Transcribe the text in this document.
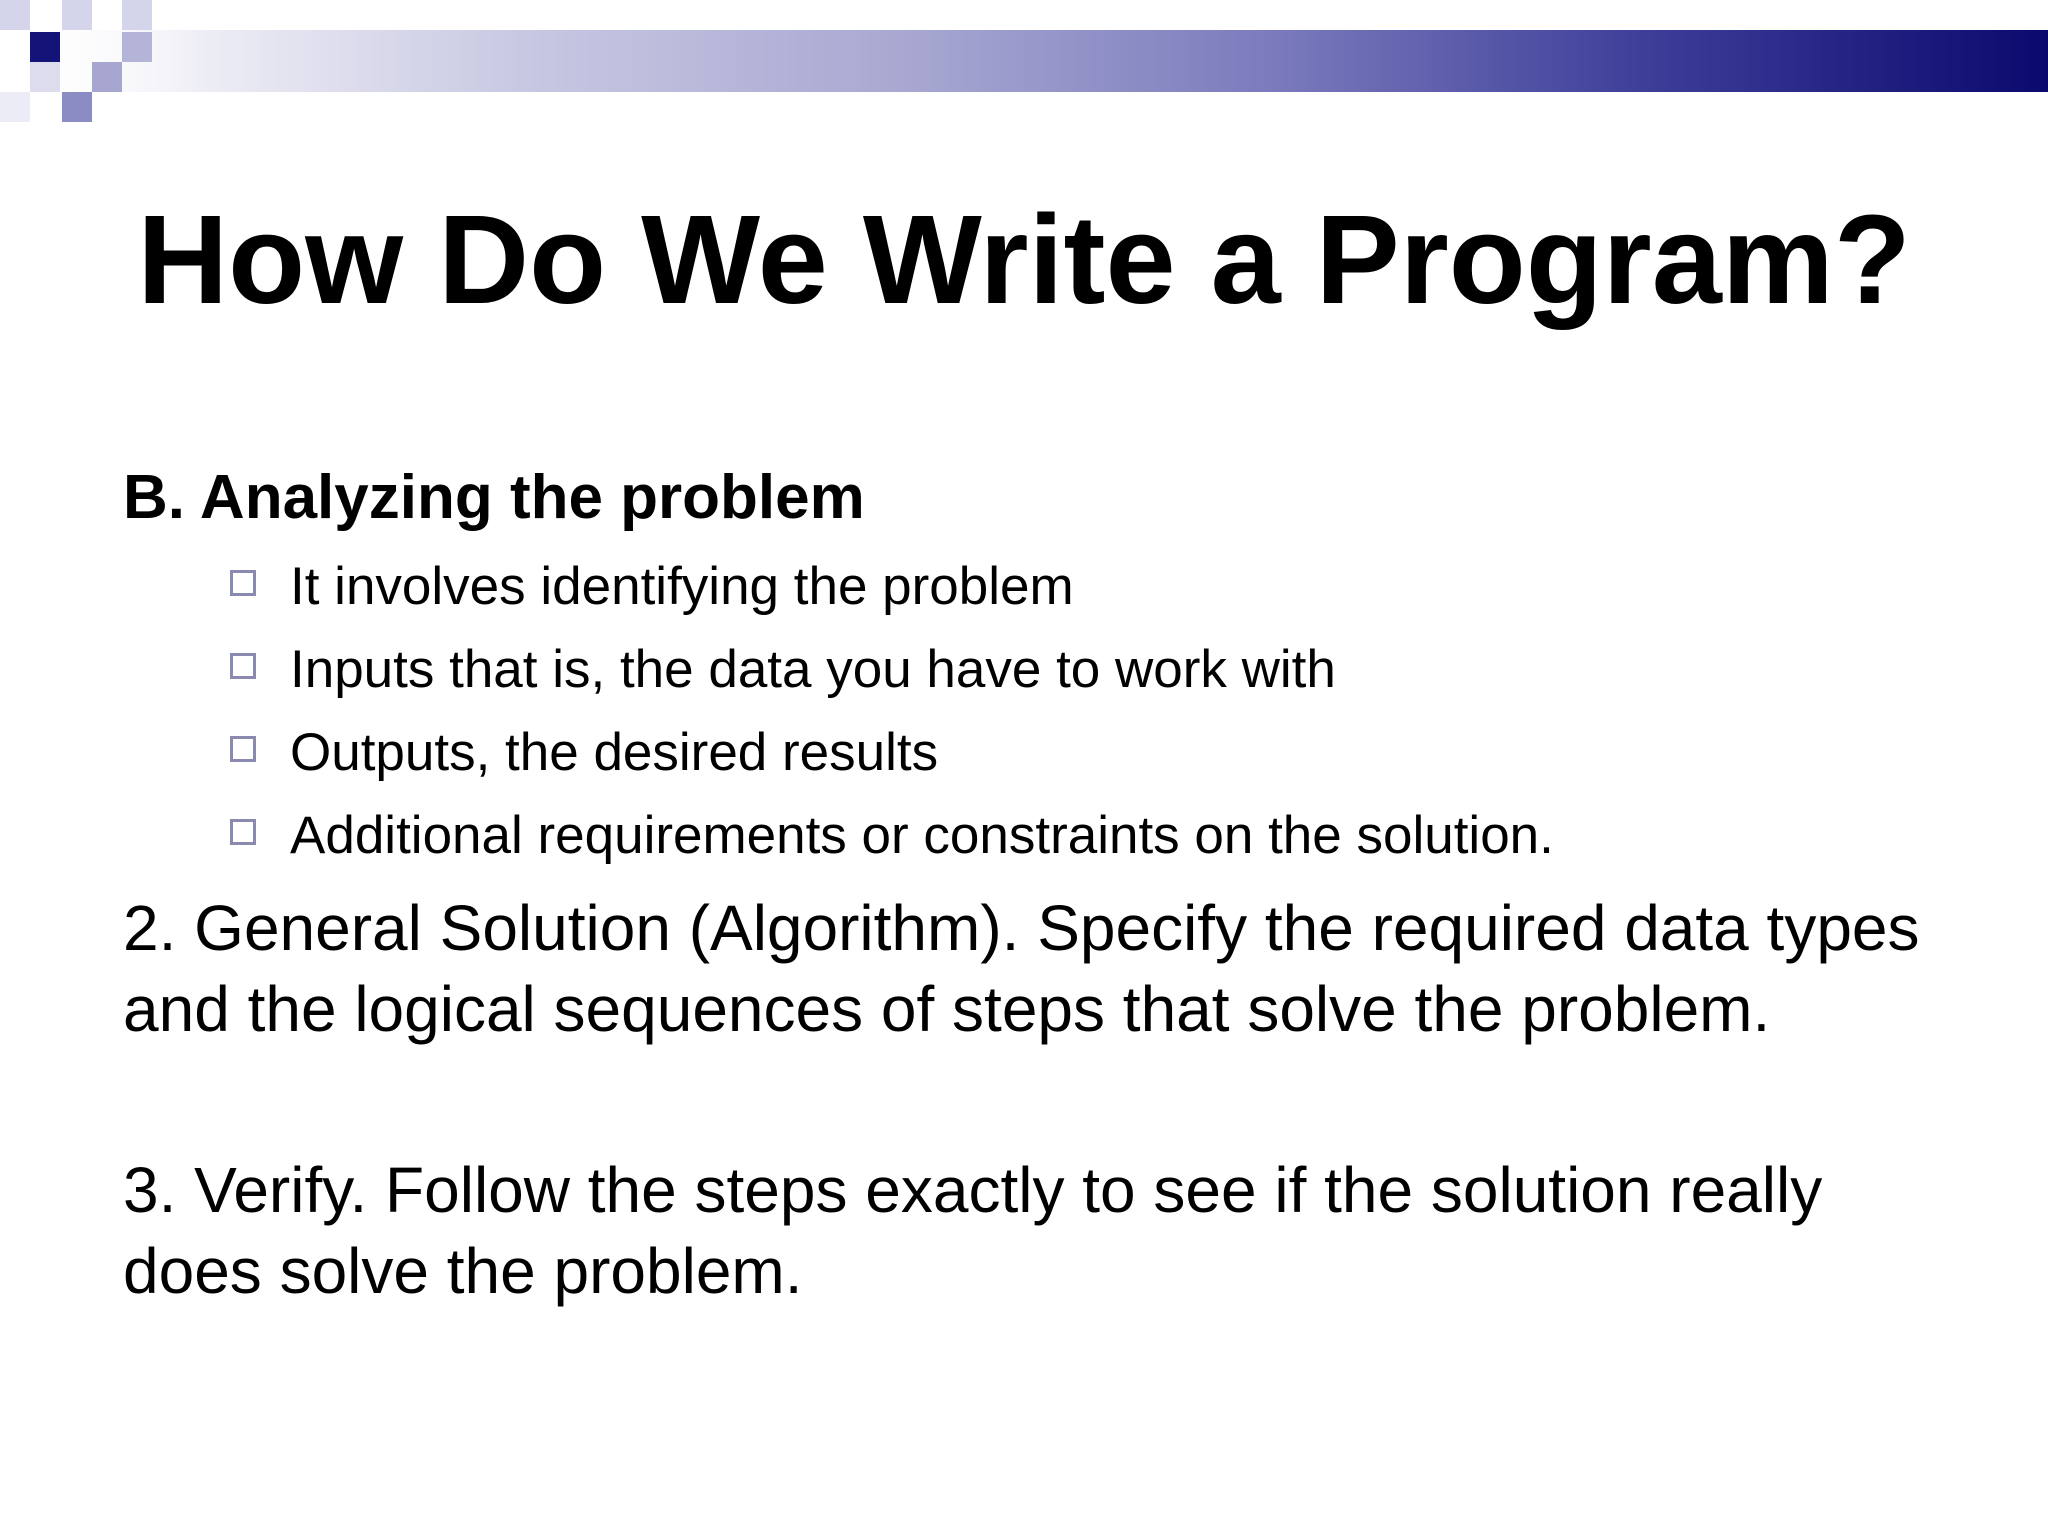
How Do We Write a Program?
B. Analyzing the problem
It involves identifying the problem
Inputs that is, the data you have to work with
Outputs, the desired results
Additional requirements or constraints on the solution.
2. General Solution (Algorithm). Specify the required data types and the logical sequences of steps that solve the problem.
3. Verify. Follow the steps exactly to see if the solution really does solve the problem.
